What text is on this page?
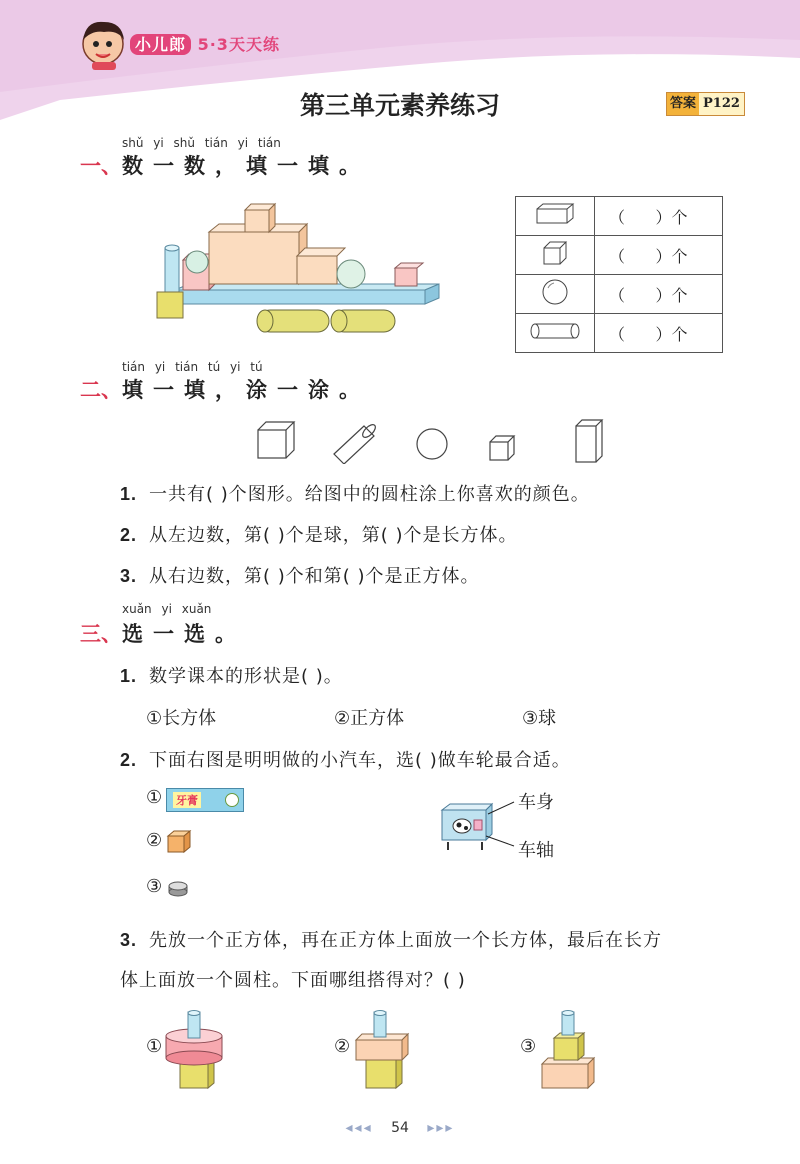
小儿郎 5·3天天练
第三单元素养练习	答案 P122
shǔ yi shǔ tián yi tián
一、数一数，填一填。
	（      ）个
	（      ）个
	（      ）个
	（      ）个
tián yi tián tú yi tú
二、填一填，涂一涂。
1. 一共有( )个图形。给图中的圆柱涂上你喜欢的颜色。
2. 从左边数，第( )个是球，第( )个是长方体。
3. 从右边数，第( )个和第( )个是正方体。
xuǎn yi xuǎn
三、选一选。
1. 数学课本的形状是( )。
①长方体	②正方体	③球
2. 下面右图是明明做的小汽车，选( )做车轮最合适。
① 牙膏
②
③
车身
车轴
3. 先放一个正方体，再在正方体上面放一个长方体，最后在长方
体上面放一个圆柱。下面哪组搭得对？( )
①	②	③
◂◂◂ 54 ▸▸▸
